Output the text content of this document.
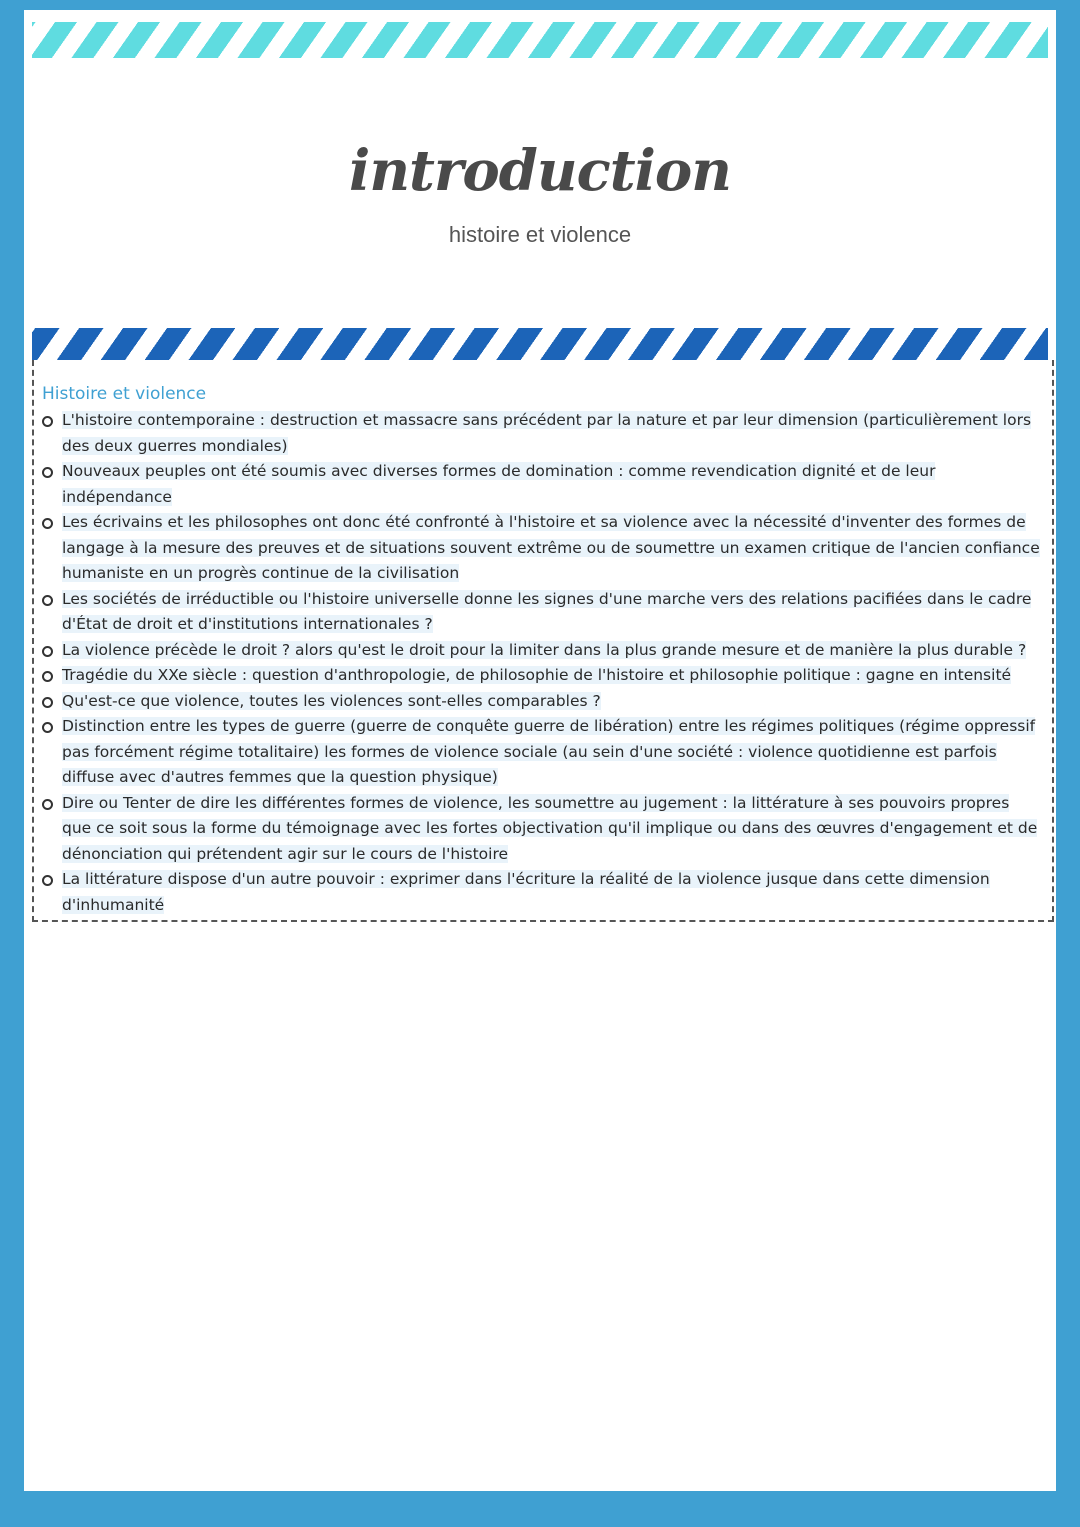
introduction
histoire et violence
Histoire et violence
L'histoire contemporaine : destruction et massacre sans précédent par la nature et par leur dimension (particulièrement lors des deux guerres mondiales)
Nouveaux peuples ont été soumis avec diverses formes de domination : comme revendication dignité et de leur indépendance
Les écrivains et les philosophes ont donc été confronté à l'histoire et sa violence avec la nécessité d'inventer des formes de langage à la mesure des preuves et de situations souvent extrême ou de soumettre un examen critique de l'ancien confiance humaniste en un progrès continue de la civilisation
Les sociétés de irréductible ou l'histoire universelle donne les signes d'une marche vers des relations pacifiées dans le cadre d'État de droit et d'institutions internationales ?
La violence précède le droit ? alors qu'est le droit pour la limiter dans la plus grande mesure et de manière la plus durable ?
Tragédie du XXe siècle : question d'anthropologie, de philosophie de l'histoire et philosophie politique : gagne en intensité
Qu'est-ce que violence, toutes les violences sont-elles comparables ?
Distinction entre les types de guerre (guerre de conquête guerre de libération) entre les régimes politiques (régime oppressif pas forcément régime totalitaire) les formes de violence sociale (au sein d'une société : violence quotidienne est parfois diffuse avec d'autres femmes que la question physique)
Dire ou Tenter de dire les différentes formes de violence, les soumettre au jugement : la littérature à ses pouvoirs propres que ce soit sous la forme du témoignage avec les fortes objectivation qu'il implique ou dans des œuvres d'engagement et de dénonciation qui prétendent agir sur le cours de l'histoire
La littérature dispose d'un autre pouvoir : exprimer dans l'écriture la réalité de la violence jusque dans cette dimension d'inhumanité
